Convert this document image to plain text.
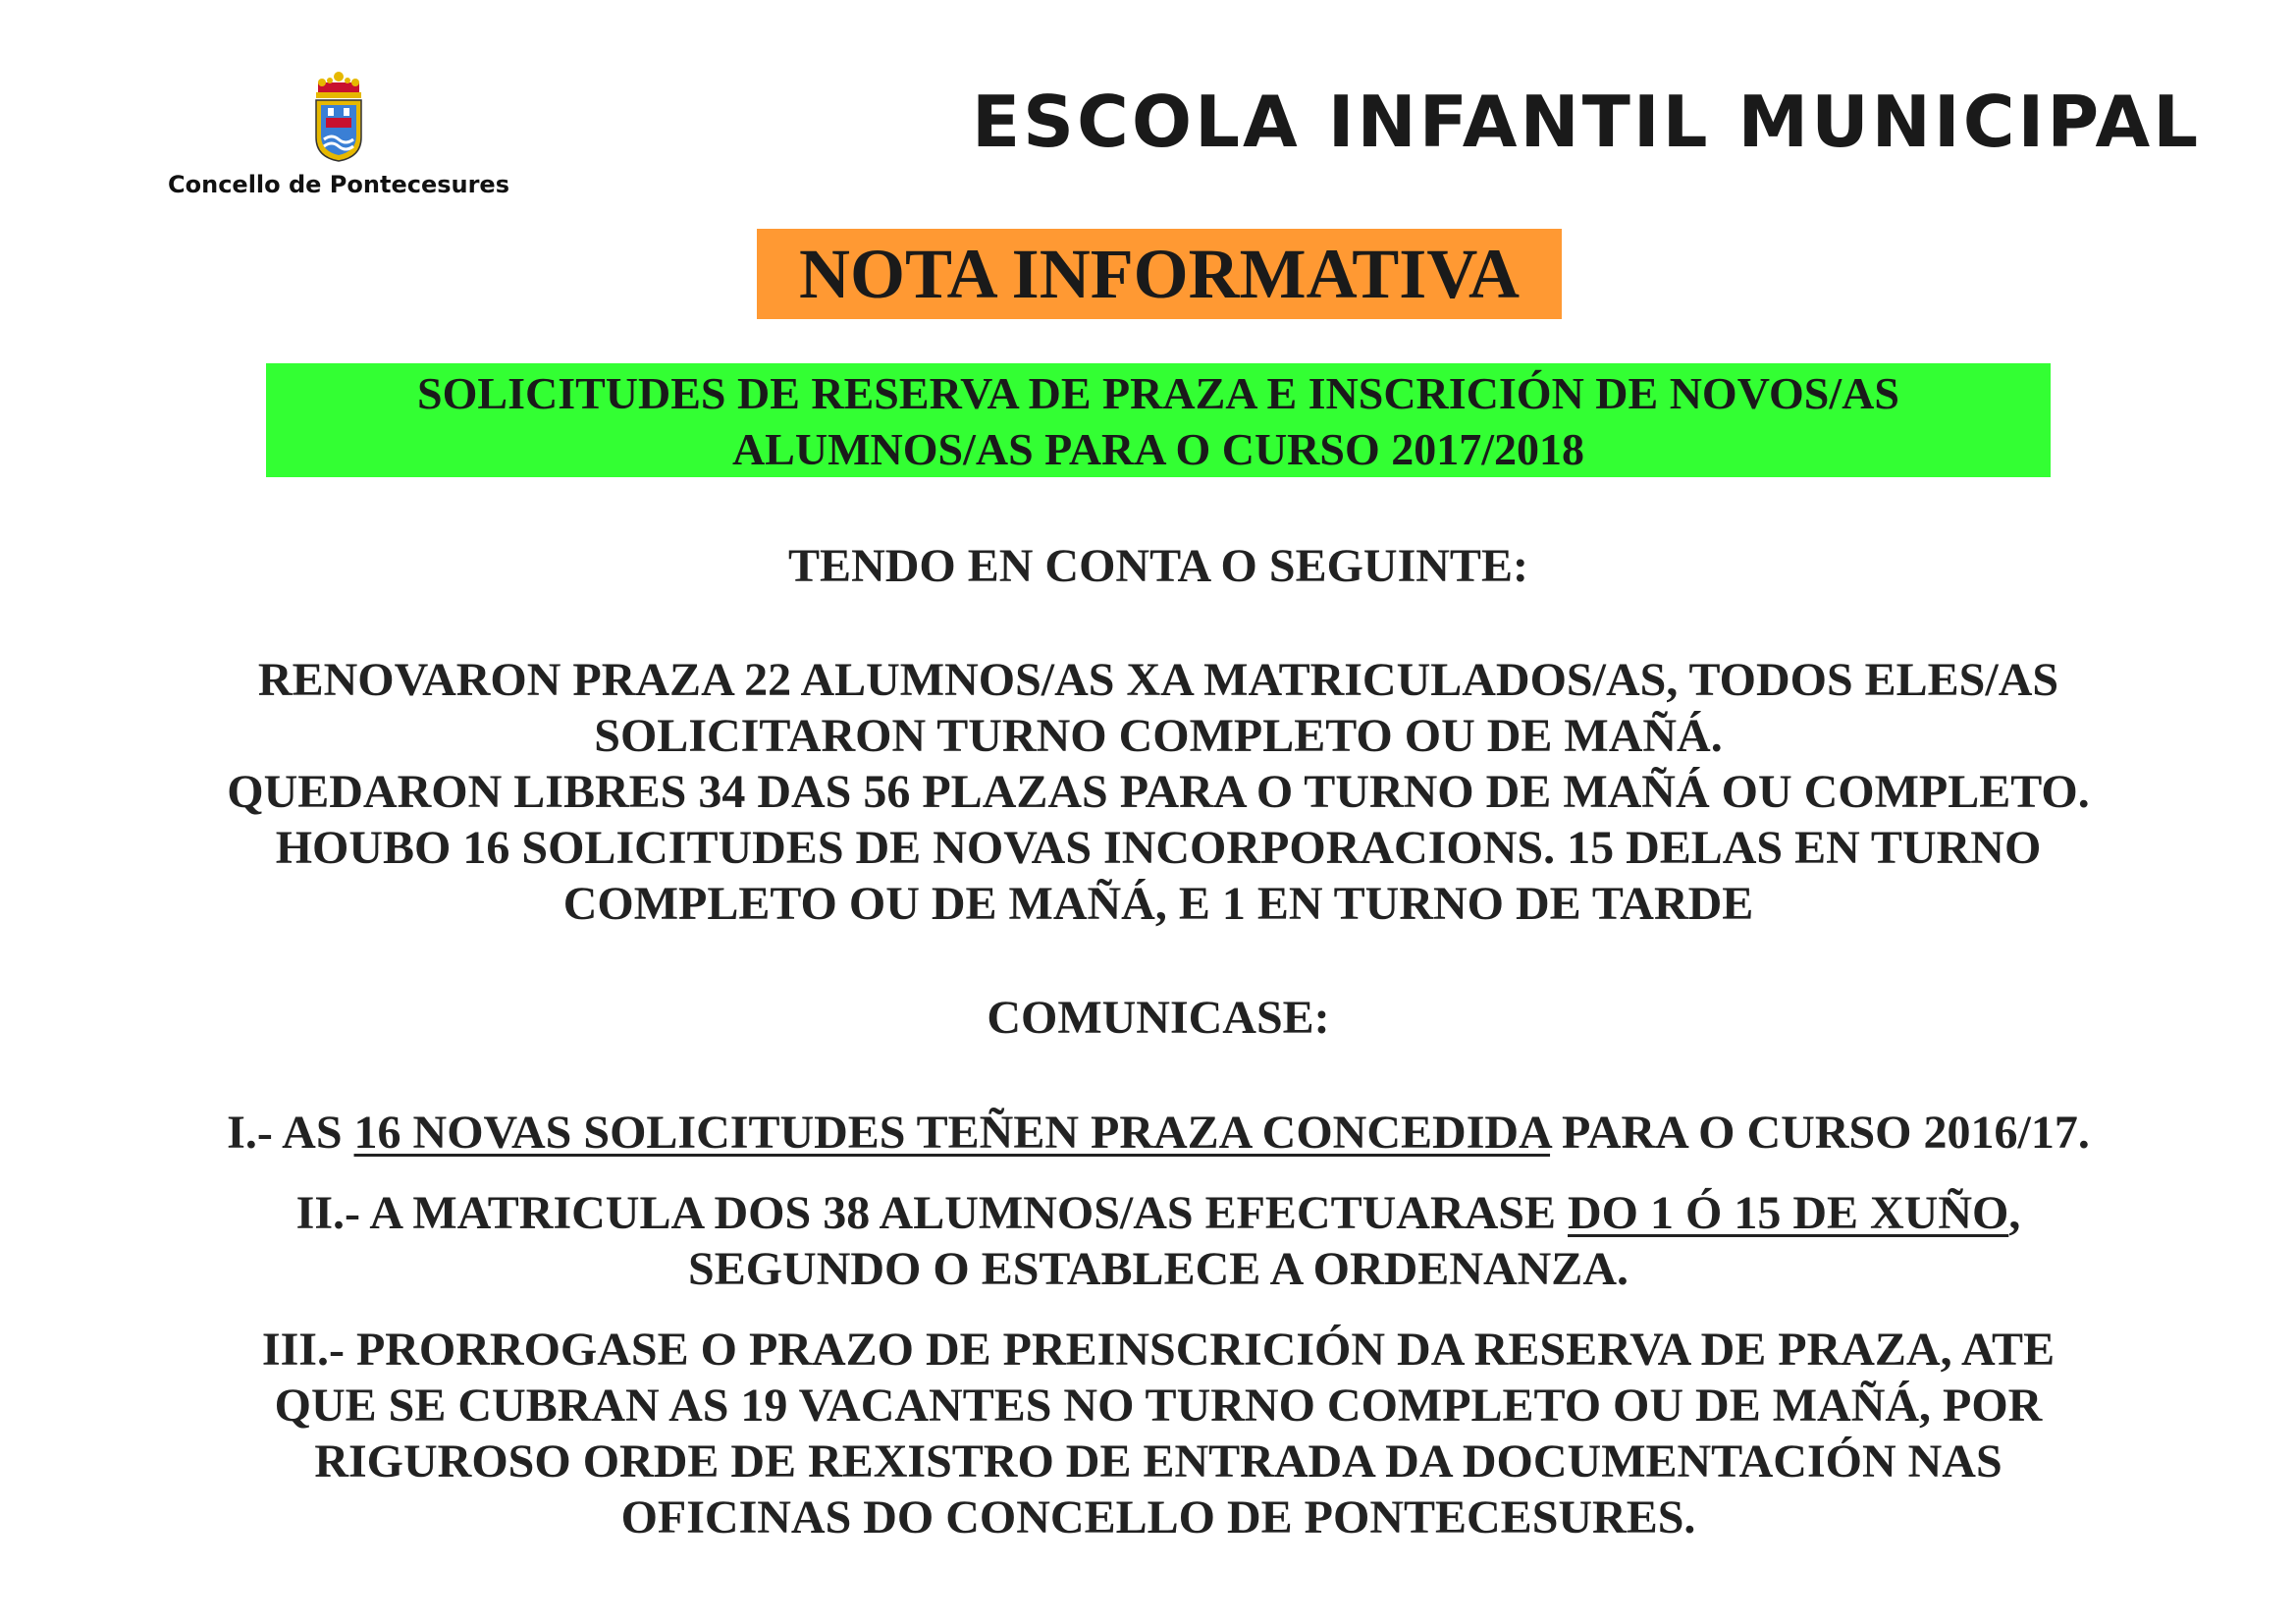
Concello de Pontecesures
ESCOLA INFANTIL MUNICIPAL
NOTA INFORMATIVA
SOLICITUDES DE RESERVA DE PRAZA E INSCRICIÓN DE NOVOS/AS
ALUMNOS/AS PARA O CURSO 2017/2018
TENDO EN CONTA O SEGUINTE:
RENOVARON PRAZA 22 ALUMNOS/AS XA MATRICULADOS/AS, TODOS ELES/AS
SOLICITARON TURNO COMPLETO OU DE MAÑÁ.
QUEDARON LIBRES 34 DAS 56 PLAZAS PARA O TURNO DE MAÑÁ OU COMPLETO.
HOUBO 16 SOLICITUDES DE NOVAS INCORPORACIONS. 15 DELAS EN TURNO
COMPLETO OU DE MAÑÁ, E 1 EN TURNO DE TARDE
COMUNICASE:
I.- AS 16 NOVAS SOLICITUDES TEÑEN PRAZA CONCEDIDA PARA O CURSO 2016/17.
II.- A MATRICULA DOS 38 ALUMNOS/AS EFECTUARASE DO 1 Ó 15 DE XUÑO,
SEGUNDO O ESTABLECE A ORDENANZA.
III.- PRORROGASE O PRAZO DE PREINSCRICIÓN DA RESERVA DE PRAZA, ATE
QUE SE CUBRAN AS 19 VACANTES NO TURNO COMPLETO OU DE MAÑÁ, POR
RIGUROSO ORDE DE REXISTRO DE ENTRADA DA DOCUMENTACIÓN NAS
OFICINAS DO CONCELLO DE PONTECESURES.
